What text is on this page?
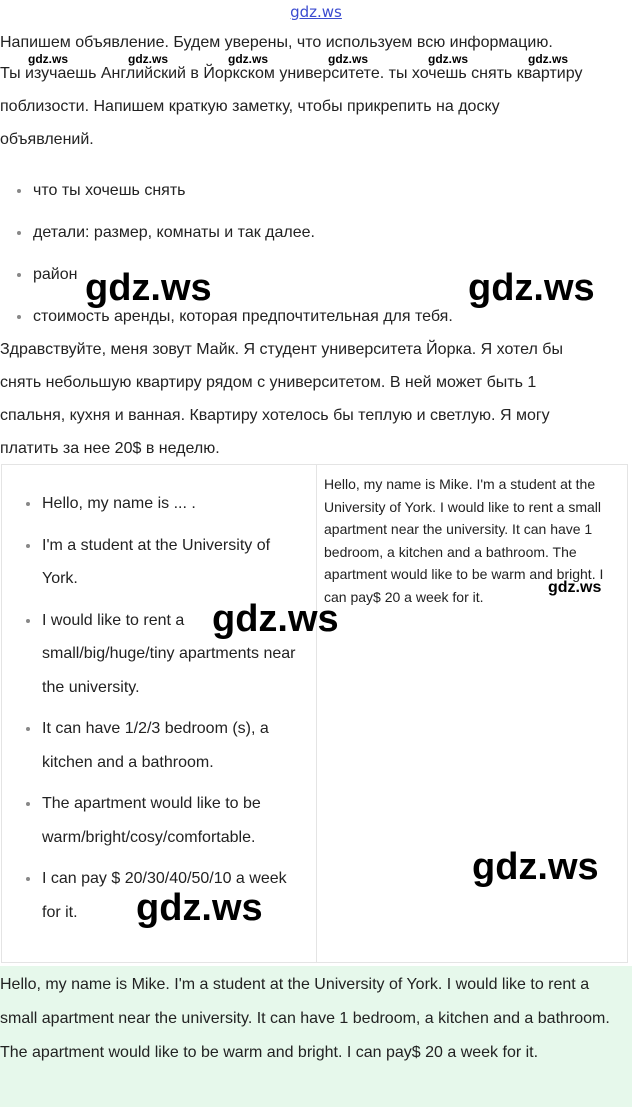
gdz.ws
gdz.ws	gdz.ws	gdz.ws	gdz.ws	gdz.ws	gdz.ws
Напишем объявление. Будем уверены, что используем всю информацию.
Ты изучаешь Английский в Йоркском университете. ты хочешь снять квартиру
поблизости. Напишем краткую заметку, чтобы прикрепить на доску
объявлений.
что ты хочешь снять
детали: размер, комнаты и так далее.
район
стоимость аренды, которая предпочтительная для тебя.
Здравствуйте, меня зовут Майк. Я студент университета Йорка. Я хотел бы
снять небольшую квартиру рядом с университетом. В ней может быть 1
спальня, кухня и ванная. Квартиру хотелось бы теплую и светлую. Я могу
платить за нее 20$ в неделю.
Hello, my name is ... .
I'm a student at the University of York.
I would like to rent a small/big/huge/tiny apartments near the university.
It can have 1/2/3 bedroom (s), a kitchen and a bathroom.
The apartment would like to be warm/bright/cosy/comfortable.
I can pay $ 20/30/40/50/10 a week for it.
Hello, my name is Mike. I'm a student at the University of York. I would like to rent a small apartment near the university. It can have 1 bedroom, a kitchen and a bathroom. The apartment would like to be warm and bright. I can pay$ 20 a week for it.
Hello, my name is Mike. I'm a student at the University of York. I would like to rent a small apartment near the university. It can have 1 bedroom, a kitchen and a bathroom. The apartment would like to be warm and bright. I can pay$ 20 a week for it.
gdz.ws	gdz.ws
gdz.ws
gdz.ws
gdz.ws
gdz.ws
